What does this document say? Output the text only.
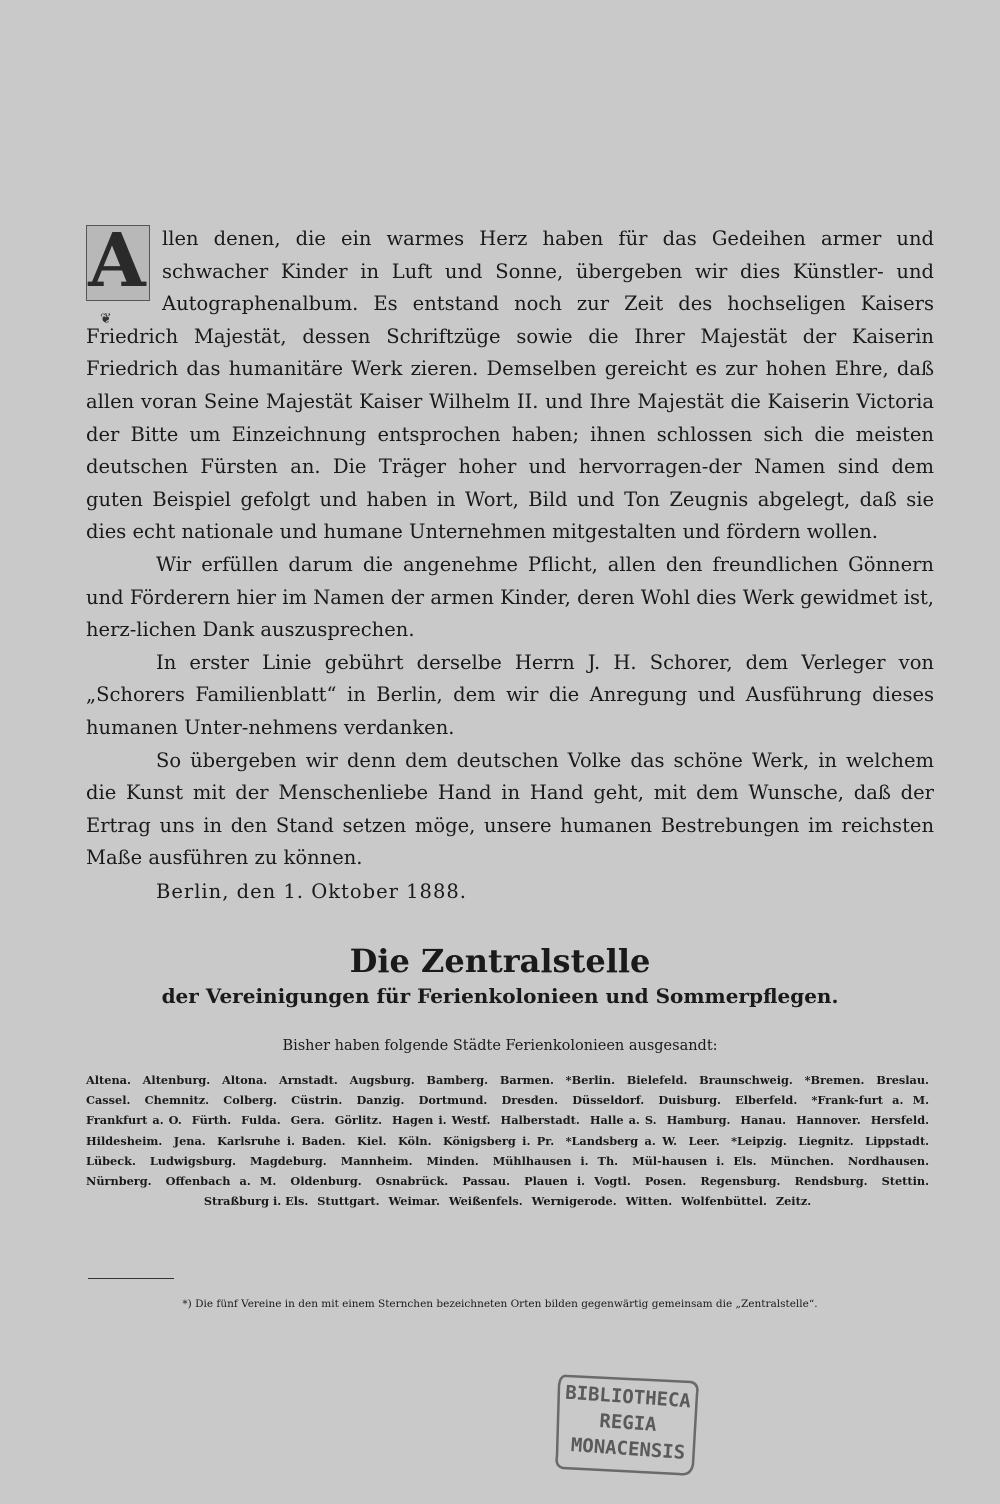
A
❦
llen denen, die ein warmes Herz haben für das Gedeihen armer und schwacher Kinder in Luft und Sonne, übergeben wir dies Künstler- und Autographenalbum. Es entstand noch zur Zeit des hochseligen Kaisers Friedrich Majestät, dessen Schriftzüge sowie die Ihrer Majestät der Kaiserin Friedrich das humanitäre Werk zieren. Demselben gereicht es zur hohen Ehre, daß allen voran Seine Majestät Kaiser Wilhelm II. und Ihre Majestät die Kaiserin Victoria der Bitte um Einzeichnung entsprochen haben; ihnen schlossen sich die meisten deutschen Fürsten an. Die Träger hoher und hervorragen-der Namen sind dem guten Beispiel gefolgt und haben in Wort, Bild und Ton Zeugnis abgelegt, daß sie dies echt nationale und humane Unternehmen mitgestalten und fördern wollen.

Wir erfüllen darum die angenehme Pflicht, allen den freundlichen Gönnern und Förderern hier im Namen der armen Kinder, deren Wohl dies Werk gewidmet ist, herz-lichen Dank auszusprechen.

In erster Linie gebührt derselbe Herrn J. H. Schorer, dem Verleger von „Schorers Familienblatt“ in Berlin, dem wir die Anregung und Ausführung dieses humanen Unter-nehmens verdanken.

So übergeben wir denn dem deutschen Volke das schöne Werk, in welchem die Kunst mit der Menschenliebe Hand in Hand geht, mit dem Wunsche, daß der Ertrag uns in den Stand setzen möge, unsere humanen Bestrebungen im reichsten Maße ausführen zu können.

Berlin, den 1. Oktober 1888.
Die Zentralstelle
der Vereinigungen für Ferienkolonieen und Sommerpflegen.
Bisher haben folgende Städte Ferienkolonieen ausgesandt:
Altena. Altenburg. Altona. Arnstadt. Augsburg. Bamberg. Barmen. *Berlin. Bielefeld. Braunschweig. *Bremen. Breslau. Cassel. Chemnitz. Colberg. Cüstrin. Danzig. Dortmund. Dresden. Düsseldorf. Duisburg. Elberfeld. *Frank-furt a. M. Frankfurt a. O. Fürth. Fulda. Gera. Görlitz. Hagen i. Westf. Halberstadt. Halle a. S. Hamburg. Hanau. Hannover. Hersfeld. Hildesheim. Jena. Karlsruhe i. Baden. Kiel. Köln. Königsberg i. Pr. *Landsberg a. W. Leer. *Leipzig. Liegnitz. Lippstadt. Lübeck. Ludwigsburg. Magdeburg. Mannheim. Minden. Mühlhausen i. Th. Mül-hausen i. Els. München. Nordhausen. Nürnberg. Offenbach a. M. Oldenburg. Osnabrück. Passau. Plauen i. Vogtl. Posen. Regensburg. Rendsburg. Stettin. Straßburg i. Els. Stuttgart. Weimar. Weißenfels. Wernigerode. Witten. Wolfenbüttel. Zeitz.
*) Die fünf Vereine in den mit einem Sternchen bezeichneten Orten bilden gegenwärtig gemeinsam die „Zentralstelle“.
BIBLIOTHECA
REGIA
MONACENSIS
